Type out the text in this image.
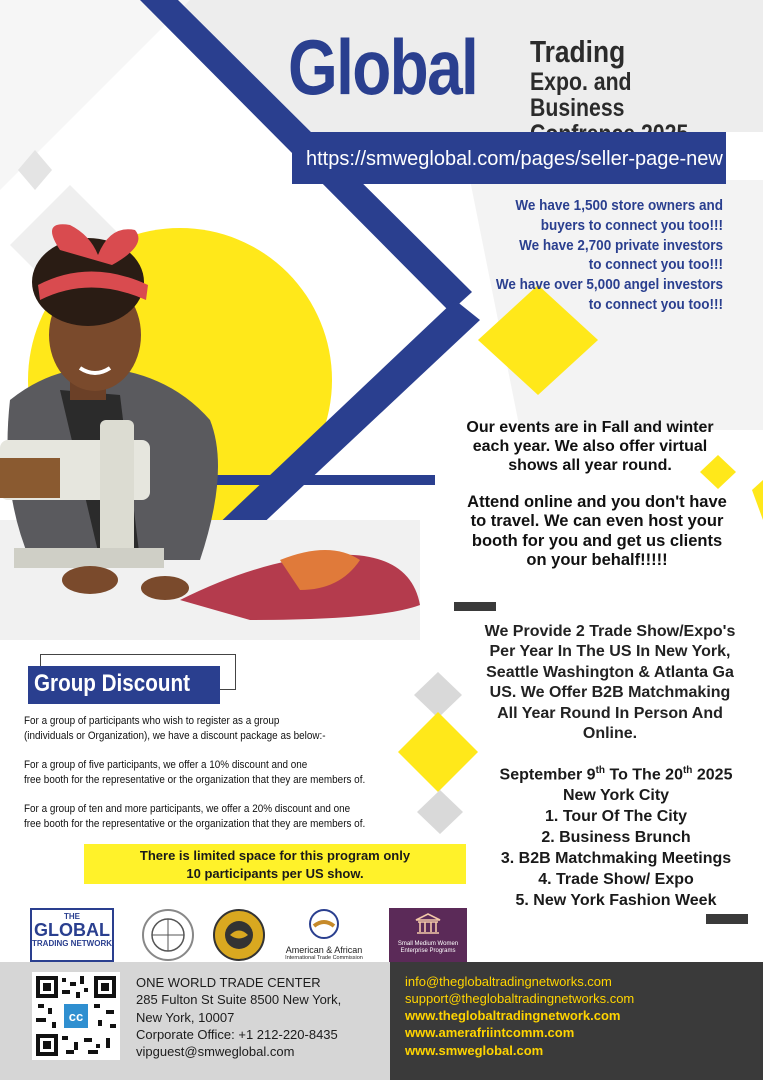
Global Trading
Expo. and Business
https://smweglobal.com/pages/seller-page-new
We have 1,500 store owners and
buyers to connect you too!!!
We have 2,700 private investors
to connect you too!!!
We have over 5,000 angel investors
to connect you too!!!
Our events are in Fall and winter
each year. We also offer virtual
shows all year round.
Attend online and you don't have
to travel. We can even host your
booth for you and get us clients
on your behalf!!!!!
We Provide 2 Trade Show/Expo's
Per Year In The US In New York,
Seattle Washington & Atlanta Ga
US. We Offer B2B Matchmaking
All Year Round In Person And
Online.
September 9th To The 20th 2025
New York City
1. Tour Of The City
2. Business Brunch
3. B2B Matchmaking Meetings
4. Trade Show/ Expo
5. New York Fashion Week
Group Discount
For a group of participants who wish to register as a group
(individuals or Organization), we have a discount package as below:-
For a group of five participants, we offer a 10% discount and one
free booth for the representative or the organization that they are members of.
For a group of ten and more participants, we offer a 20% discount and one
free booth for the representative or the organization that they are members of.
There is limited space for this program only
10 participants per US show.
THE
GLOBAL
TRADING NETWORK
American & African
International Trade Commission
Small Medium Women
Enterprise Programs
cc
ONE WORLD TRADE CENTER
285 Fulton St Suite 8500 New York,
New York, 10007
Corporate Office: +1 212-220-8435
vipguest@smweglobal.com
info@theglobaltradingnetworks.com
support@theglobaltradingnetworks.com
www.theglobaltradingnetwork.com
www.amerafriintcomm.com
www.smweglobal.com
